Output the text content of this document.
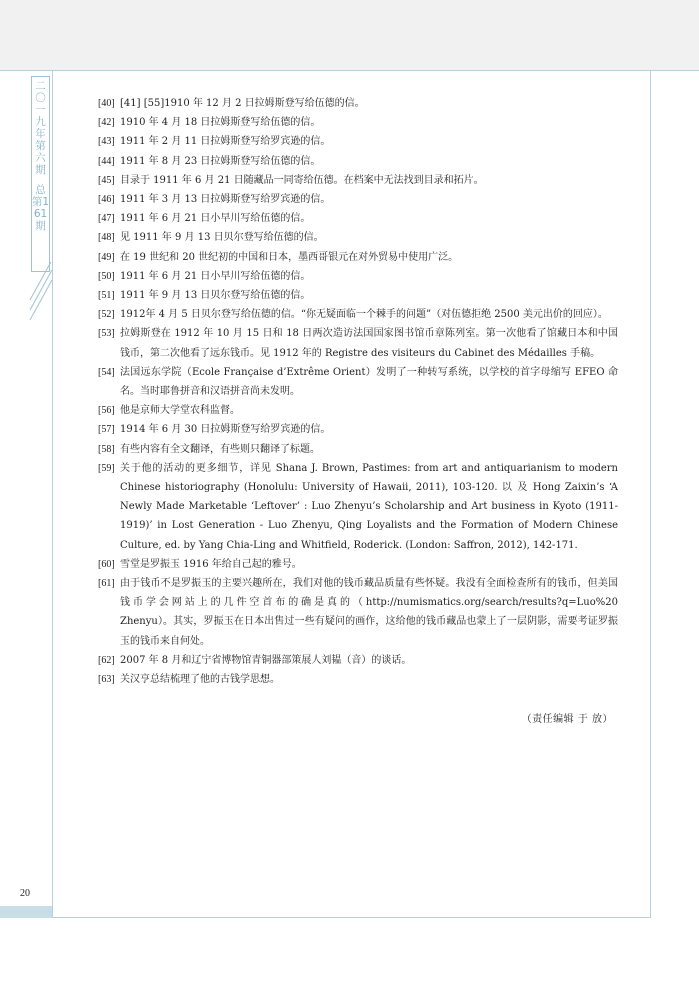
二〇一九年第六期
总第161期
20
[40] [41] [55]1910 年 12 月 2 日拉姆斯登写给伍德的信。
[42] 1910 年 4 月 18 日拉姆斯登写给伍德的信。
[43] 1911 年 2 月 11 日拉姆斯登写给罗宾逊的信。
[44] 1911 年 8 月 23 日拉姆斯登写给伍德的信。
[45] 目录于 1911 年 6 月 21 日随藏品一同寄给伍德。在档案中无法找到目录和拓片。
[46] 1911 年 3 月 13 日拉姆斯登写给罗宾逊的信。
[47] 1911 年 6 月 21 日小早川写给伍德的信。
[48] 见 1911 年 9 月 13 日贝尔登写给伍德的信。
[49] 在 19 世纪和 20 世纪初的中国和日本，墨西哥银元在对外贸易中使用广泛。
[50] 1911 年 6 月 21 日小早川写给伍德的信。
[51] 1911 年 9 月 13 日贝尔登写给伍德的信。
[52] 1912年 4 月 5 日贝尔登写给伍德的信。“你无疑面临一个棘手的问题”（对伍德拒绝 2500 美元出价的回应）。
[53] 拉姆斯登在 1912 年 10 月 15 日和 18 日两次造访法国国家图书馆币章陈列室。第一次他看了馆藏日本和中国钱币，第二次他看了远东钱币。见 1912 年的 Registre des visiteurs du Cabinet des Médailles 手稿。
[54] 法国远东学院（Ecole Française d’Extrême Orient）发明了一种转写系统，以学校的首字母缩写 EFEO 命名。当时耶鲁拼音和汉语拼音尚未发明。
[56] 他是京师大学堂农科监督。
[57] 1914 年 6 月 30 日拉姆斯登写给罗宾逊的信。
[58] 有些内容有全文翻译，有些则只翻译了标题。
[59] 关于他的活动的更多细节，详见 Shana J. Brown, Pastimes: from art and antiquarianism to modern Chinese historiography (Honolulu: University of Hawaii, 2011), 103-120. 以 及 Hong Zaixin’s ‘A Newly Made Marketable ‘Leftover’ : Luo Zhenyu’s Scholarship and Art business in Kyoto (1911-1919)’ in Lost Generation - Luo Zhenyu, Qing Loyalists and the Formation of Modern Chinese Culture, ed. by Yang Chia-Ling and Whitfield, Roderick. (London: Saffron, 2012), 142-171.
[60] 雪堂是罗振玉 1916 年给自己起的雅号。
[61] 由于钱币不是罗振玉的主要兴趣所在，我们对他的钱币藏品质量有些怀疑。我没有全面检查所有的钱币，但美国钱币学会网站上的几件空首布的确是真的（http://numismatics.org/search/results?q=Luo%20 Zhenyu）。其实，罗振玉在日本出售过一些有疑问的画作，这给他的钱币藏品也蒙上了一层阴影，需要考证罗振玉的钱币来自何处。
[62] 2007 年 8 月和辽宁省博物馆青铜器部策展人刘韫（音）的谈话。
[63] 关汉亨总结梳理了他的古钱学思想。
（责任编辑 于 放）
